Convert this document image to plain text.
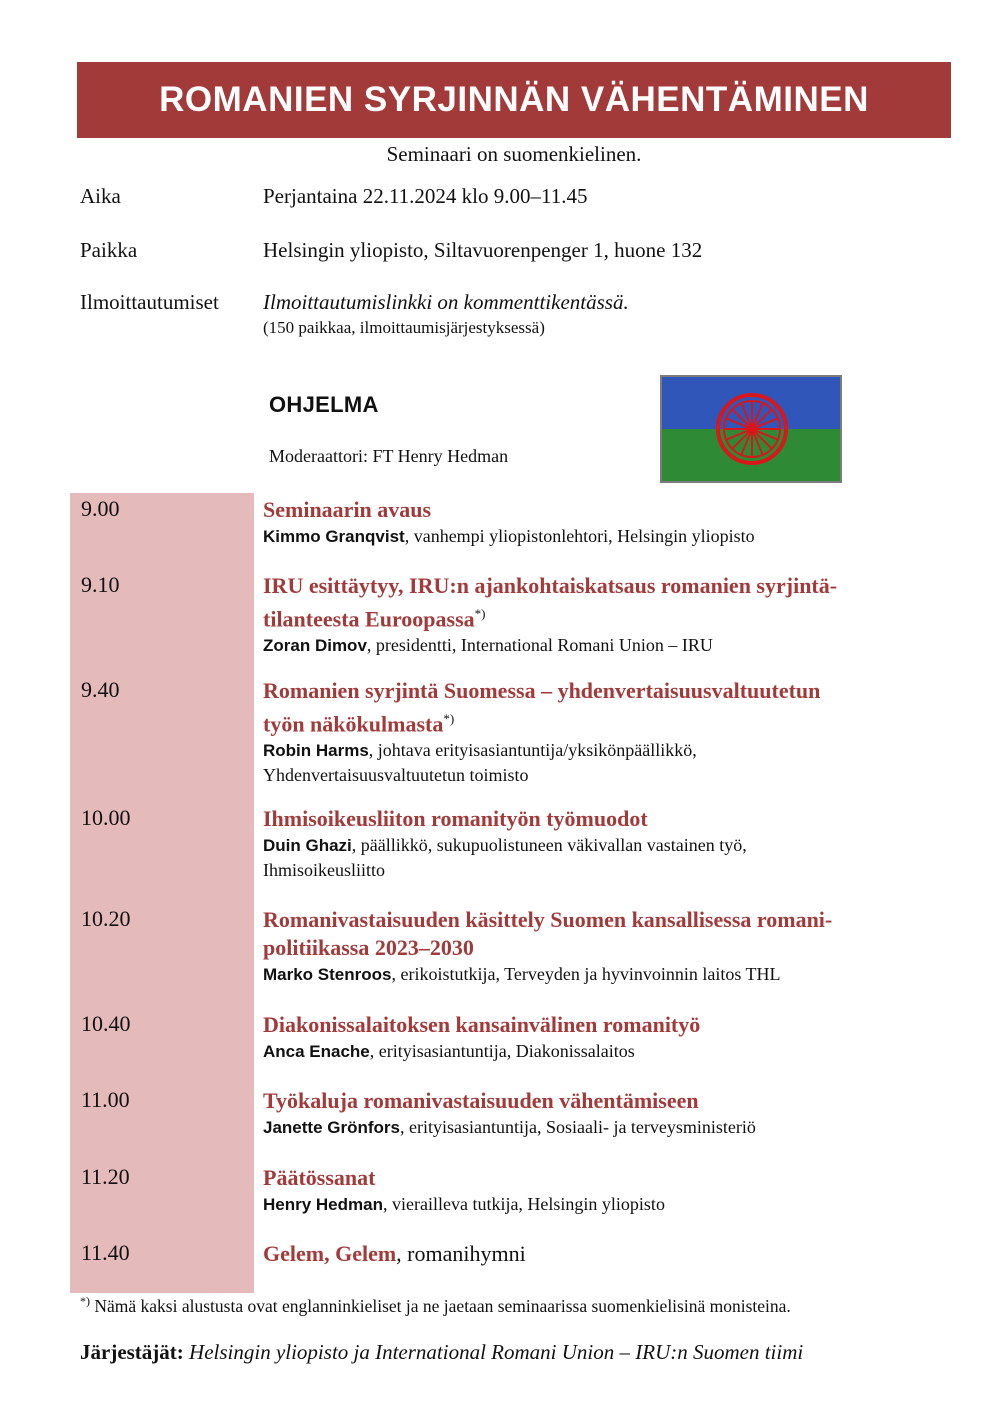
ROMANIEN SYRJINNÄN VÄHENTÄMINEN
Seminaari on suomenkielinen.
Aika	Perjantaina 22.11.2024 klo 9.00–11.45
Paikka	Helsingin yliopisto, Siltavuorenpenger 1, huone 132
Ilmoittautumiset Ilmoittautumislinkki on kommenttikentässä.
(150 paikkaa, ilmoittaumisjärjestyksessä)
OHJELMA
Moderaattori: FT Henry Hedman
9.00	Seminaarin avaus
Kimmo Granqvist, vanhempi yliopistonlehtori, Helsingin yliopisto
9.10	IRU esittäytyy, IRU:n ajankohtaiskatsaus romanien syrjintä-
tilanteesta Euroopassa*)
Zoran Dimov, presidentti, International Romani Union – IRU
9.40	Romanien syrjintä Suomessa – yhdenvertaisuusvaltuutetun
työn näkökulmasta*)
Robin Harms, johtava erityisasiantuntija/yksikönpäällikkö,
Yhdenvertaisuusvaltuutetun toimisto
10.00	Ihmisoikeusliiton romanityön työmuodot
Duin Ghazi, päällikkö, sukupuolistuneen väkivallan vastainen työ,
Ihmisoikeusliitto
10.20	Romanivastaisuuden käsittely Suomen kansallisessa romani-
politiikassa 2023–2030
Marko Stenroos, erikoistutkija, Terveyden ja hyvinvoinnin laitos THL
10.40	Diakonissalaitoksen kansainvälinen romanityö
Anca Enache, erityisasiantuntija, Diakonissalaitos
11.00	Työkaluja romanivastaisuuden vähentämiseen
Janette Grönfors, erityisasiantuntija, Sosiaali- ja terveysministeriö
11.20	Päätössanat
Henry Hedman, vierailleva tutkija, Helsingin yliopisto
11.40	Gelem, Gelem, romanihymni
*) Nämä kaksi alustusta ovat englanninkieliset ja ne jaetaan seminaarissa suomenkielisinä monisteina.
Järjestäjät: Helsingin yliopisto ja International Romani Union – IRU:n Suomen tiimi
